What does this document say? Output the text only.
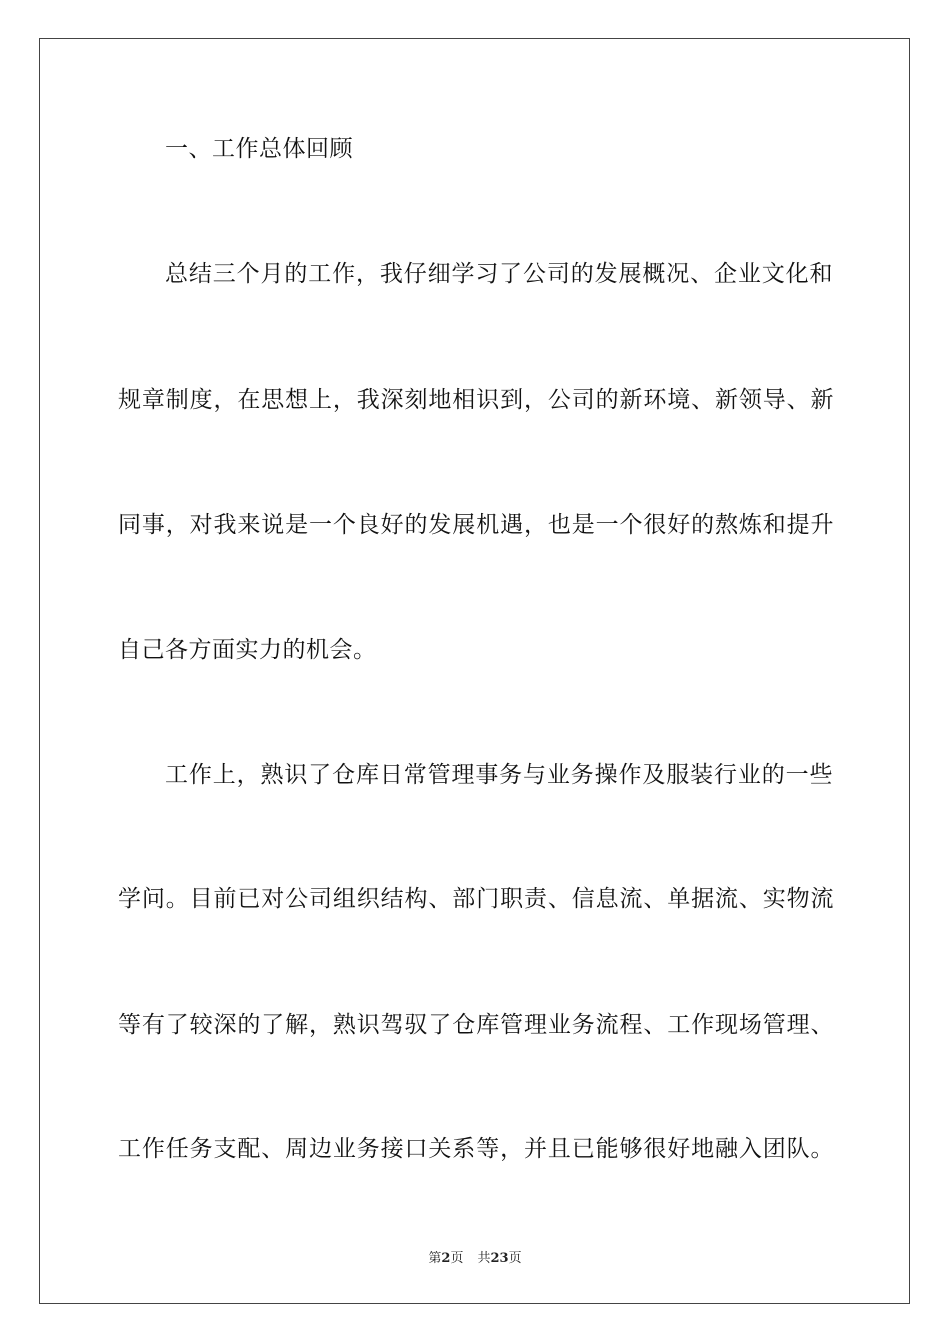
一、工作总体回顾
总结三个月的工作，我仔细学习了公司的发展概况、企业文化和
规章制度，在思想上，我深刻地相识到，公司的新环境、新领导、新
同事，对我来说是一个良好的发展机遇，也是一个很好的熬炼和提升
自己各方面实力的机会。
工作上，熟识了仓库日常管理事务与业务操作及服装行业的一些
学问。目前已对公司组织结构、部门职责、信息流、单据流、实物流
等有了较深的了解，熟识驾驭了仓库管理业务流程、工作现场管理、
工作任务支配、周边业务接口关系等，并且已能够很好地融入团队。
第2页 共23页
